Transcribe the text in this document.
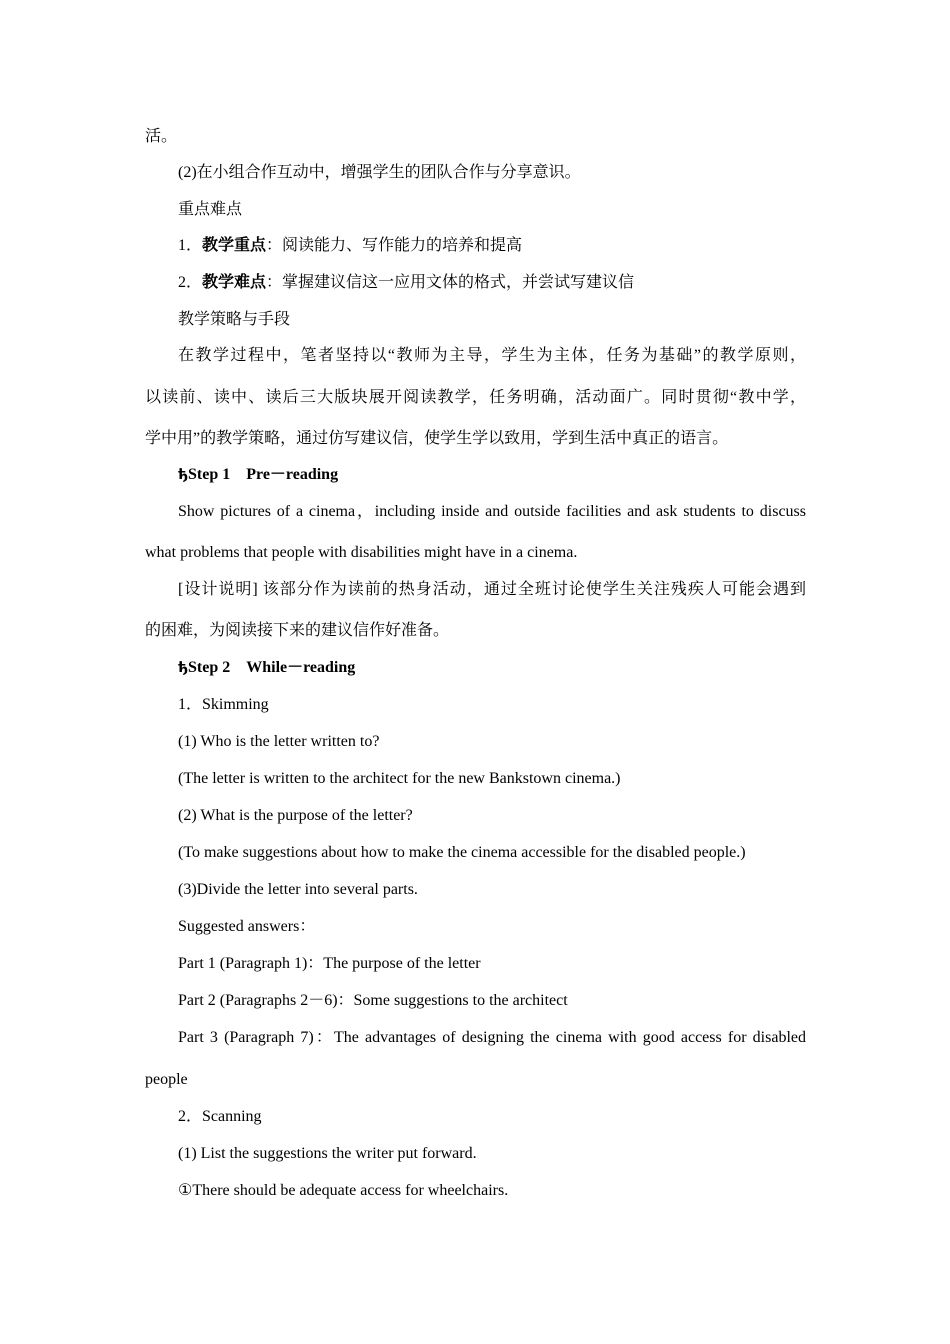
活。
(2)在小组合作互动中，增强学生的团队合作与分享意识。
重点难点
1．教学重点：阅读能力、写作能力的培养和提高
2．教学难点：掌握建议信这一应用文体的格式，并尝试写建议信
教学策略与手段
在教学过程中，笔者坚持以“教师为主导，学生为主体，任务为基础”的教学原则，
以读前、读中、读后三大版块展开阅读教学，任务明确，活动面广。同时贯彻“教中学，
学中用”的教学策略，通过仿写建议信，使学生学以致用，学到生活中真正的语言。
ђStep 1　Pre－reading
Show pictures of a cinema，including inside and outside facilities and ask students to discuss
what problems that people with disabilities might have in a cinema.
[设计说明] 该部分作为读前的热身活动，通过全班讨论使学生关注残疾人可能会遇到
的困难，为阅读接下来的建议信作好准备。
ђStep 2　While－reading
1．Skimming
(1) Who is the letter written to?
(The letter is written to the architect for the new Bankstown cinema.)
(2) What is the purpose of the letter?
(To make suggestions about how to make the cinema accessible for the disabled people.)
(3)Divide the letter into several parts.
Suggested answers：
Part 1 (Paragraph 1)：The purpose of the letter
Part 2 (Paragraphs 2－6)：Some suggestions to the architect
Part 3 (Paragraph 7)：The advantages of designing the cinema with good access for disabled
people
2．Scanning
(1) List the suggestions the writer put forward.
①There should be adequate access for wheelchairs.
